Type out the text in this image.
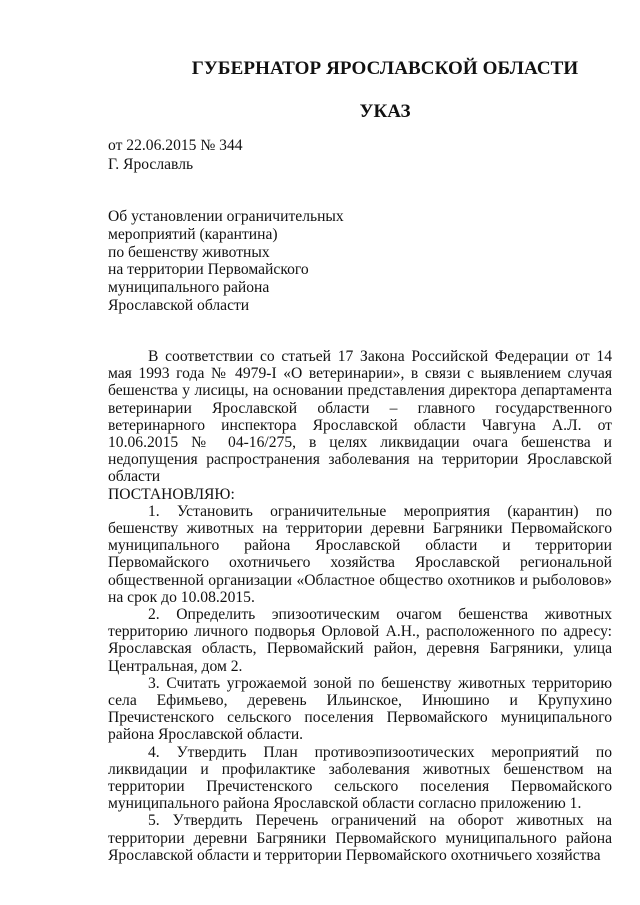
ГУБЕРНАТОР ЯРОСЛАВСКОЙ ОБЛАСТИ
УКАЗ
от 22.06.2015 № 344
Г. Ярославль
Об установлении ограничительных
мероприятий (карантина)
по бешенству животных
на территории Первомайского
муниципального района
Ярославской области

В соответствии со статьей 17 Закона Российской Федерации от 14 мая 1993 года № 4979-I «О ветеринарии», в связи с выявлением случая бешенства у лисицы, на основании представления директора департамента ветеринарии Ярославской области – главного государственного ветеринарного инспектора Ярославской области Чавгуна А.Л. от 10.06.2015 № 04-16/275, в целях ликвидации очага бешенства и недопущения распространения заболевания на территории Ярославской области

ПОСТАНОВЛЯЮ:

1. Установить ограничительные мероприятия (карантин) по бешенству животных на территории деревни Багряники Первомайского муниципального района Ярославской области и территории Первомайского охотничьего хозяйства Ярославской региональной общественной организации «Областное общество охотников и рыболовов» на срок до 10.08.2015.

2. Определить эпизоотическим очагом бешенства животных территорию личного подворья Орловой А.Н., расположенного по адресу: Ярославская область, Первомайский район, деревня Багряники, улица Центральная, дом 2.

3. Считать угрожаемой зоной по бешенству животных территорию села Ефимьево, деревень Ильинское, Инюшино и Крупухино Пречистенского сельского поселения Первомайского муниципального района Ярославской области.

4. Утвердить План противоэпизоотических мероприятий по ликвидации и профилактике заболевания животных бешенством на территории Пречистенского сельского поселения Первомайского муниципального района Ярославской области согласно приложению 1.

5. Утвердить Перечень ограничений на оборот животных на территории деревни Багряники Первомайского муниципального района Ярославской области и территории Первомайского охотничьего хозяйства
